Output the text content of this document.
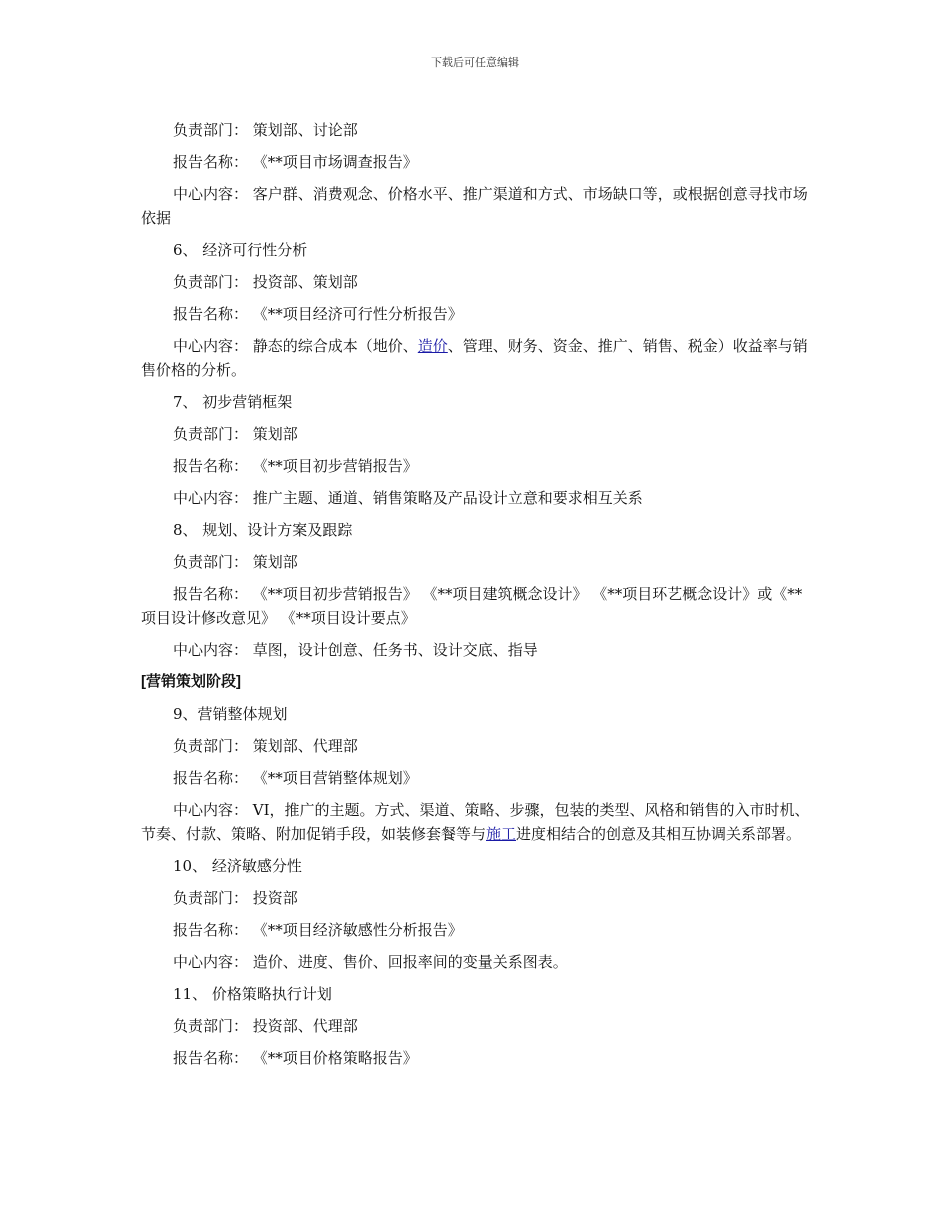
下载后可任意编辑

负责部门： 策划部、讨论部

报告名称： 《**项目市场调查报告》

中心内容： 客户群、消费观念、价格水平、推广渠道和方式、市场缺口等，或根据创意寻找市场依据

6、 经济可行性分析

负责部门： 投资部、策划部

报告名称： 《**项目经济可行性分析报告》

中心内容： 静态的综合成本（地价、造价、管理、财务、资金、推广、销售、税金）收益率与销售价格的分析。

7、 初步营销框架

负责部门： 策划部

报告名称： 《**项目初步营销报告》

中心内容： 推广主题、通道、销售策略及产品设计立意和要求相互关系

8、 规划、设计方案及跟踪

负责部门： 策划部

报告名称： 《**项目初步营销报告》 《**项目建筑概念设计》 《**项目环艺概念设计》或《**项目设计修改意见》 《**项目设计要点》

中心内容： 草图，设计创意、任务书、设计交底、指导

[营销策划阶段]

9、营销整体规划

负责部门： 策划部、代理部

报告名称： 《**项目营销整体规划》

中心内容： VI，推广的主题。方式、渠道、策略、步骤，包装的类型、风格和销售的入市时机、节奏、付款、策略、附加促销手段，如装修套餐等与施工进度相结合的创意及其相互协调关系部署。

10、 经济敏感分性

负责部门： 投资部

报告名称： 《**项目经济敏感性分析报告》

中心内容： 造价、进度、售价、回报率间的变量关系图表。

11、 价格策略执行计划

负责部门： 投资部、代理部

报告名称： 《**项目价格策略报告》
